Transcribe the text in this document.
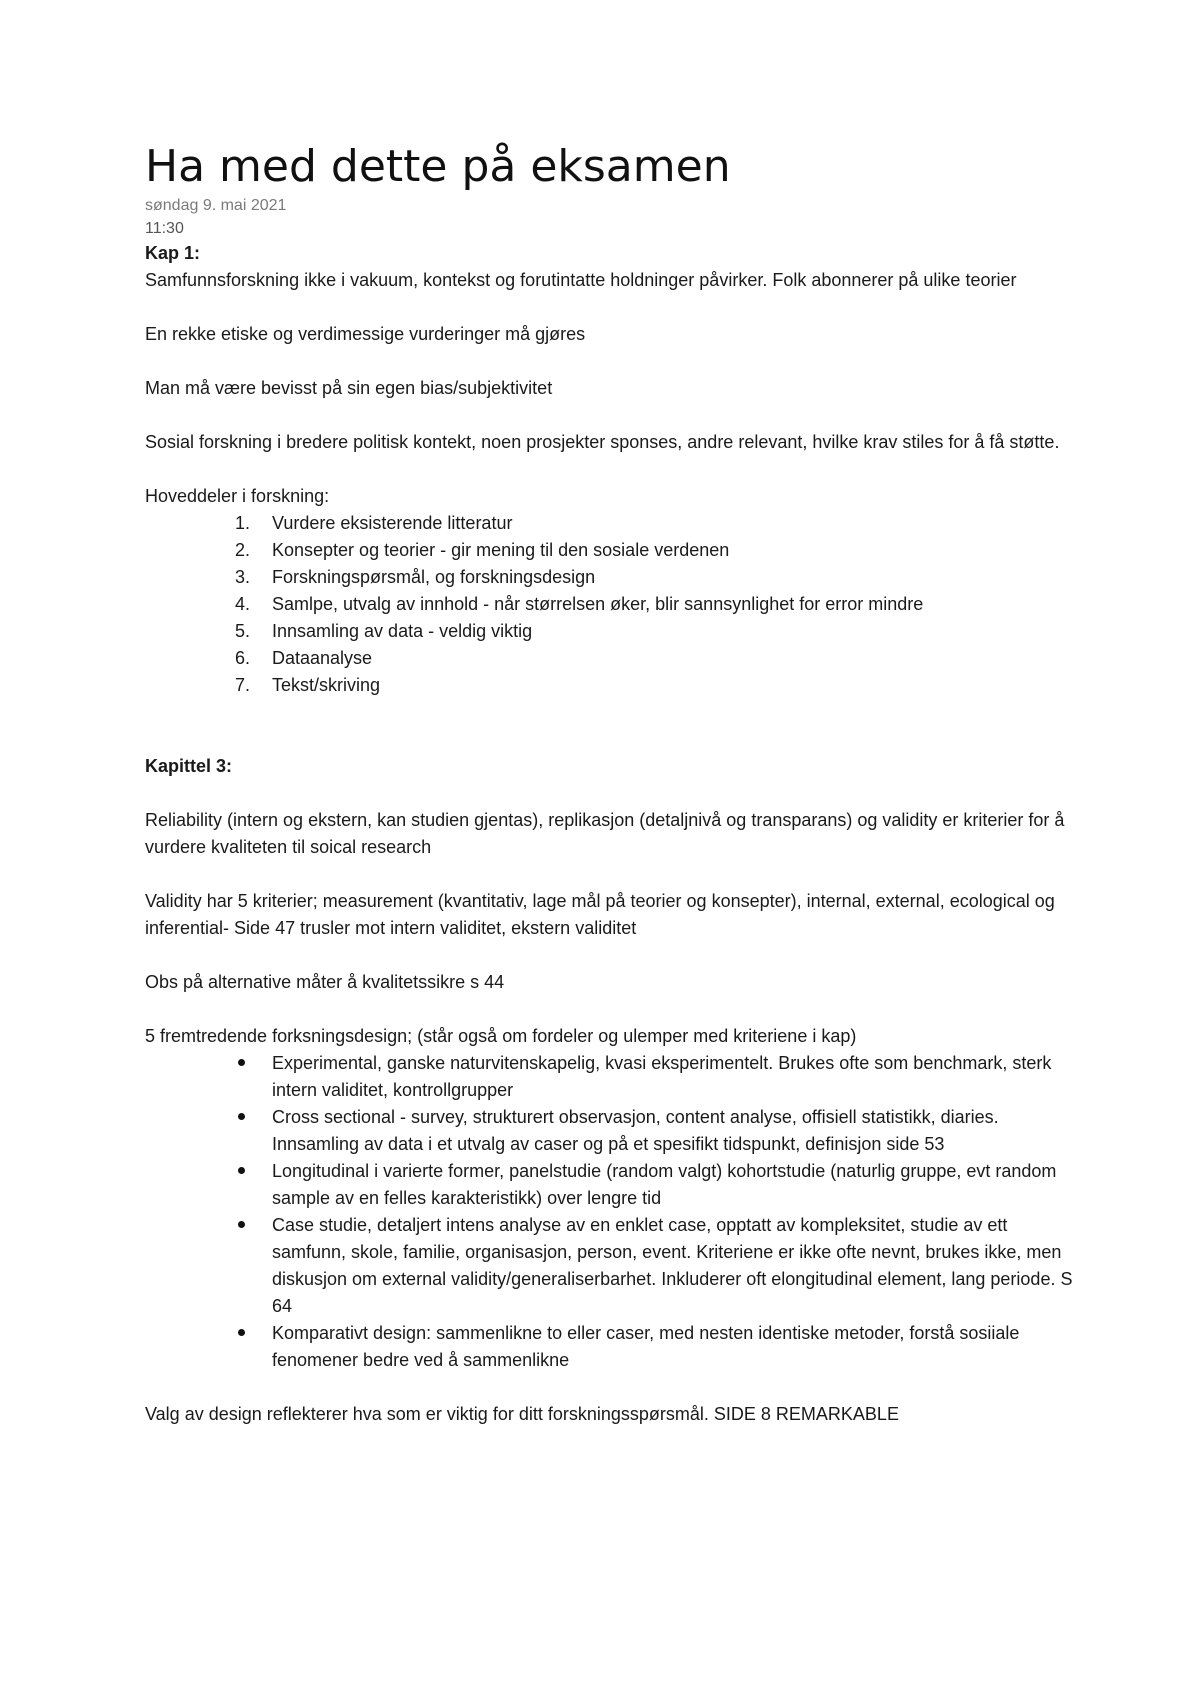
Ha med dette på eksamen
søndag 9. mai 2021
11:30

Kap 1:

Samfunnsforskning ikke i vakuum, kontekst og forutintatte holdninger påvirker. Folk abonnerer på ulike teorier

En rekke etiske og verdimessige vurderinger må gjøres

Man må være bevisst på sin egen bias/subjektivitet

Sosial forskning i bredere politisk kontekt, noen prosjekter sponses, andre relevant, hvilke krav stiles for å få støtte.

Hoveddeler i forskning:

1.	Vurdere eksisterende litteratur
2.	Konsepter og teorier - gir mening til den sosiale verdenen
3.	Forskningspørsmål, og forskningsdesign
4.	Samlpe, utvalg av innhold - når størrelsen øker, blir sannsynlighet for error mindre
5.	Innsamling av data - veldig viktig
6.	Dataanalyse
7.	Tekst/skriving

Kapittel 3:

Reliability (intern og ekstern, kan studien gjentas), replikasjon (detaljnivå og transparans) og validity er kriterier for å vurdere kvaliteten til soical research

Validity har 5 kriterier; measurement (kvantitativ, lage mål på teorier og konsepter), internal, external, ecological og inferential- Side 47 trusler mot intern validitet, ekstern validitet

Obs på alternative måter å kvalitetssikre s 44

5 fremtredende forksningsdesign; (står også om fordeler og ulemper med kriteriene i kap)

Experimental, ganske naturvitenskapelig, kvasi eksperimentelt. Brukes ofte som benchmark, sterk intern validitet, kontrollgrupper
Cross sectional - survey, strukturert observasjon, content analyse, offisiell statistikk, diaries. Innsamling av data i et utvalg av caser og på et spesifikt tidspunkt, definisjon side 53
Longitudinal i varierte former, panelstudie (random valgt) kohortstudie (naturlig gruppe, evt random sample av en felles karakteristikk) over lengre tid
Case studie, detaljert intens analyse av en enklet case, opptatt av kompleksitet, studie av ett samfunn, skole, familie, organisasjon, person, event. Kriteriene er ikke ofte nevnt, brukes ikke, men diskusjon om external validity/generaliserbarhet. Inkluderer oft elongitudinal element, lang periode. S 64
Komparativt design: sammenlikne to eller caser, med nesten identiske metoder, forstå sosiiale fenomener bedre ved å sammenlikne

Valg av design reflekterer hva som er viktig for ditt forskningsspørsmål. SIDE 8 REMARKABLE
